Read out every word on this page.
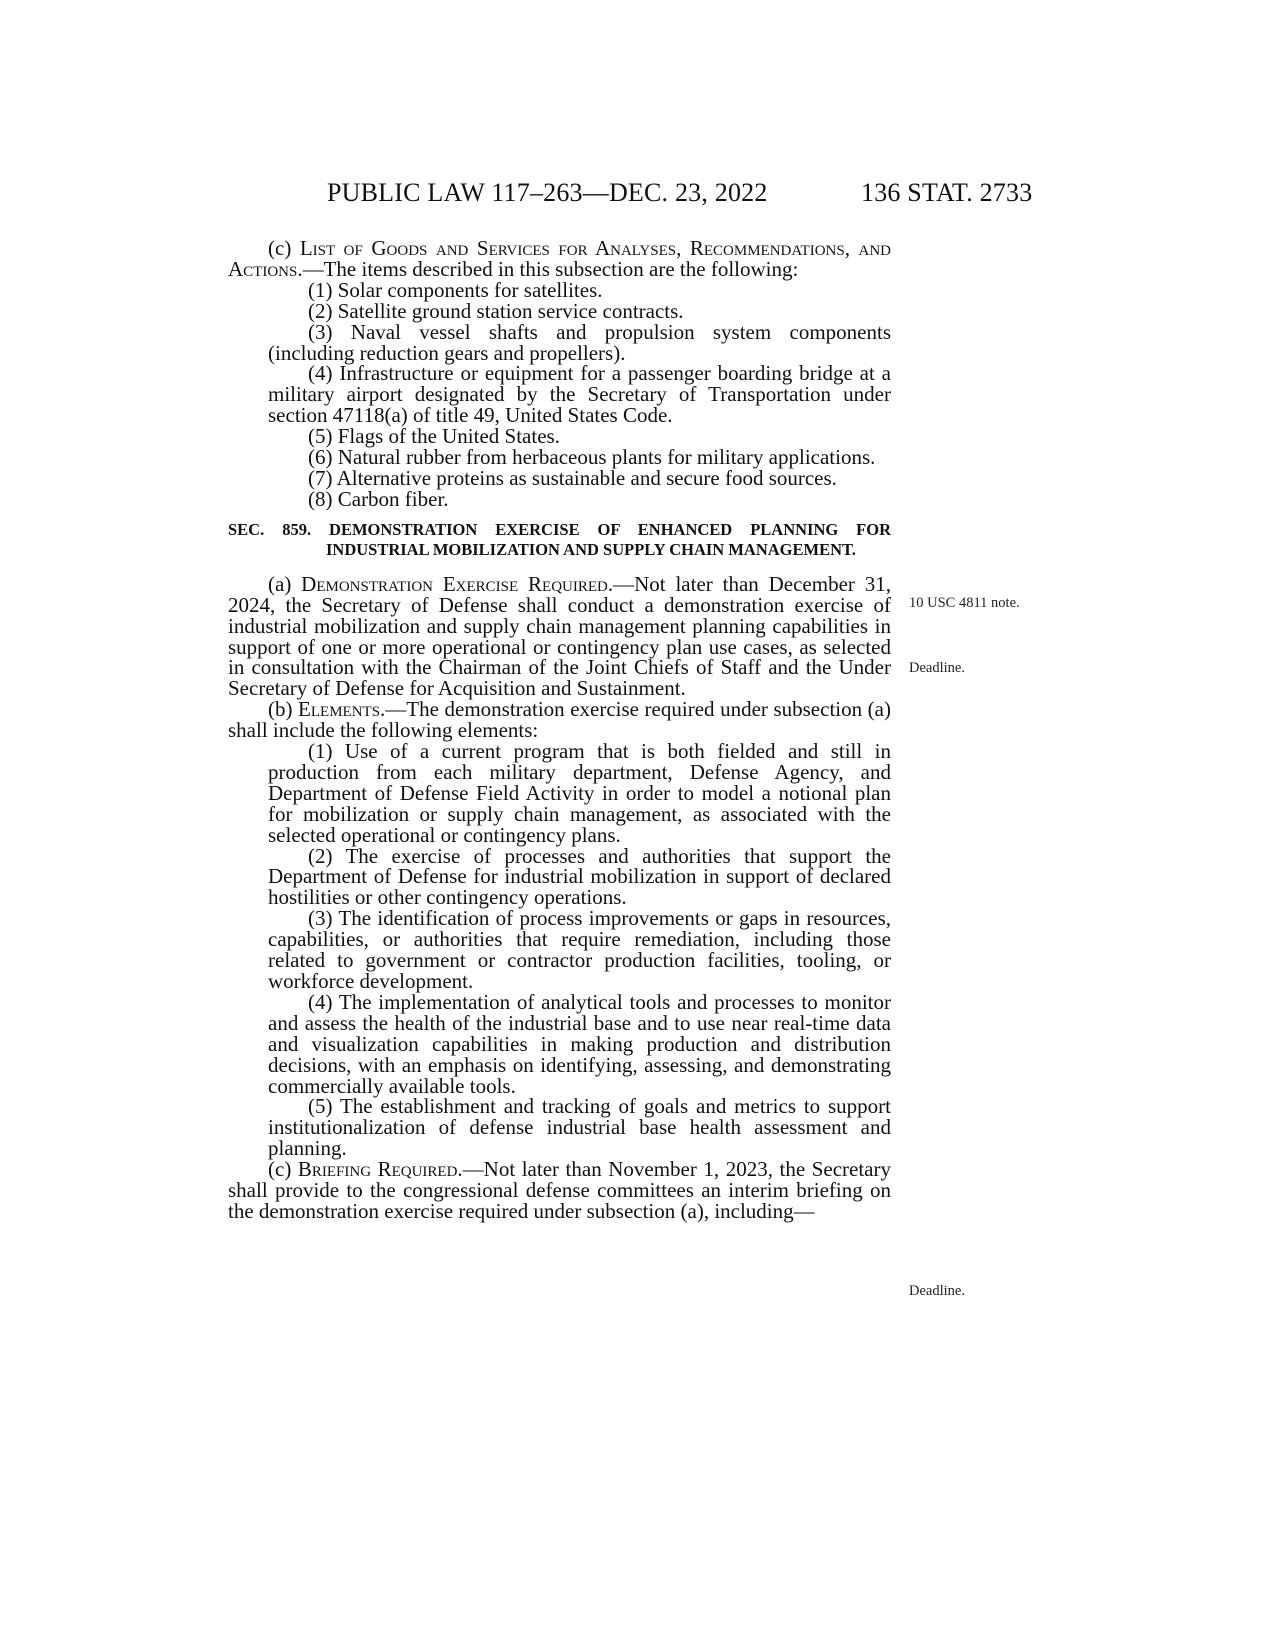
PUBLIC LAW 117–263—DEC. 23, 2022	136 STAT. 2733

(c) List of Goods and Services for Analyses, Recommendations, and Actions.—The items described in this subsection are the following:

(1) Solar components for satellites.

(2) Satellite ground station service contracts.

(3) Naval vessel shafts and propulsion system components (including reduction gears and propellers).

(4) Infrastructure or equipment for a passenger boarding bridge at a military airport designated by the Secretary of Transportation under section 47118(a) of title 49, United States Code.

(5) Flags of the United States.

(6) Natural rubber from herbaceous plants for military applications.

(7) Alternative proteins as sustainable and secure food sources.

(8) Carbon fiber.

SEC. 859. DEMONSTRATION EXERCISE OF ENHANCED PLANNING FOR INDUSTRIAL MOBILIZATION AND SUPPLY CHAIN MANAGEMENT.

(a) Demonstration Exercise Required.—Not later than December 31, 2024, the Secretary of Defense shall conduct a demonstration exercise of industrial mobilization and supply chain management planning capabilities in support of one or more operational or contingency plan use cases, as selected in consultation with the Chairman of the Joint Chiefs of Staff and the Under Secretary of Defense for Acquisition and Sustainment.

(b) Elements.—The demonstration exercise required under subsection (a) shall include the following elements:

(1) Use of a current program that is both fielded and still in production from each military department, Defense Agency, and Department of Defense Field Activity in order to model a notional plan for mobilization or supply chain management, as associated with the selected operational or contingency plans.

(2) The exercise of processes and authorities that support the Department of Defense for industrial mobilization in support of declared hostilities or other contingency operations.

(3) The identification of process improvements or gaps in resources, capabilities, or authorities that require remediation, including those related to government or contractor production facilities, tooling, or workforce development.

(4) The implementation of analytical tools and processes to monitor and assess the health of the industrial base and to use near real-time data and visualization capabilities in making production and distribution decisions, with an emphasis on identifying, assessing, and demonstrating commercially available tools.

(5) The establishment and tracking of goals and metrics to support institutionalization of defense industrial base health assessment and planning.

(c) Briefing Required.—Not later than November 1, 2023, the Secretary shall provide to the congressional defense committees an interim briefing on the demonstration exercise required under subsection (a), including—

10 USC 4811 note.
Deadline.
Deadline.
